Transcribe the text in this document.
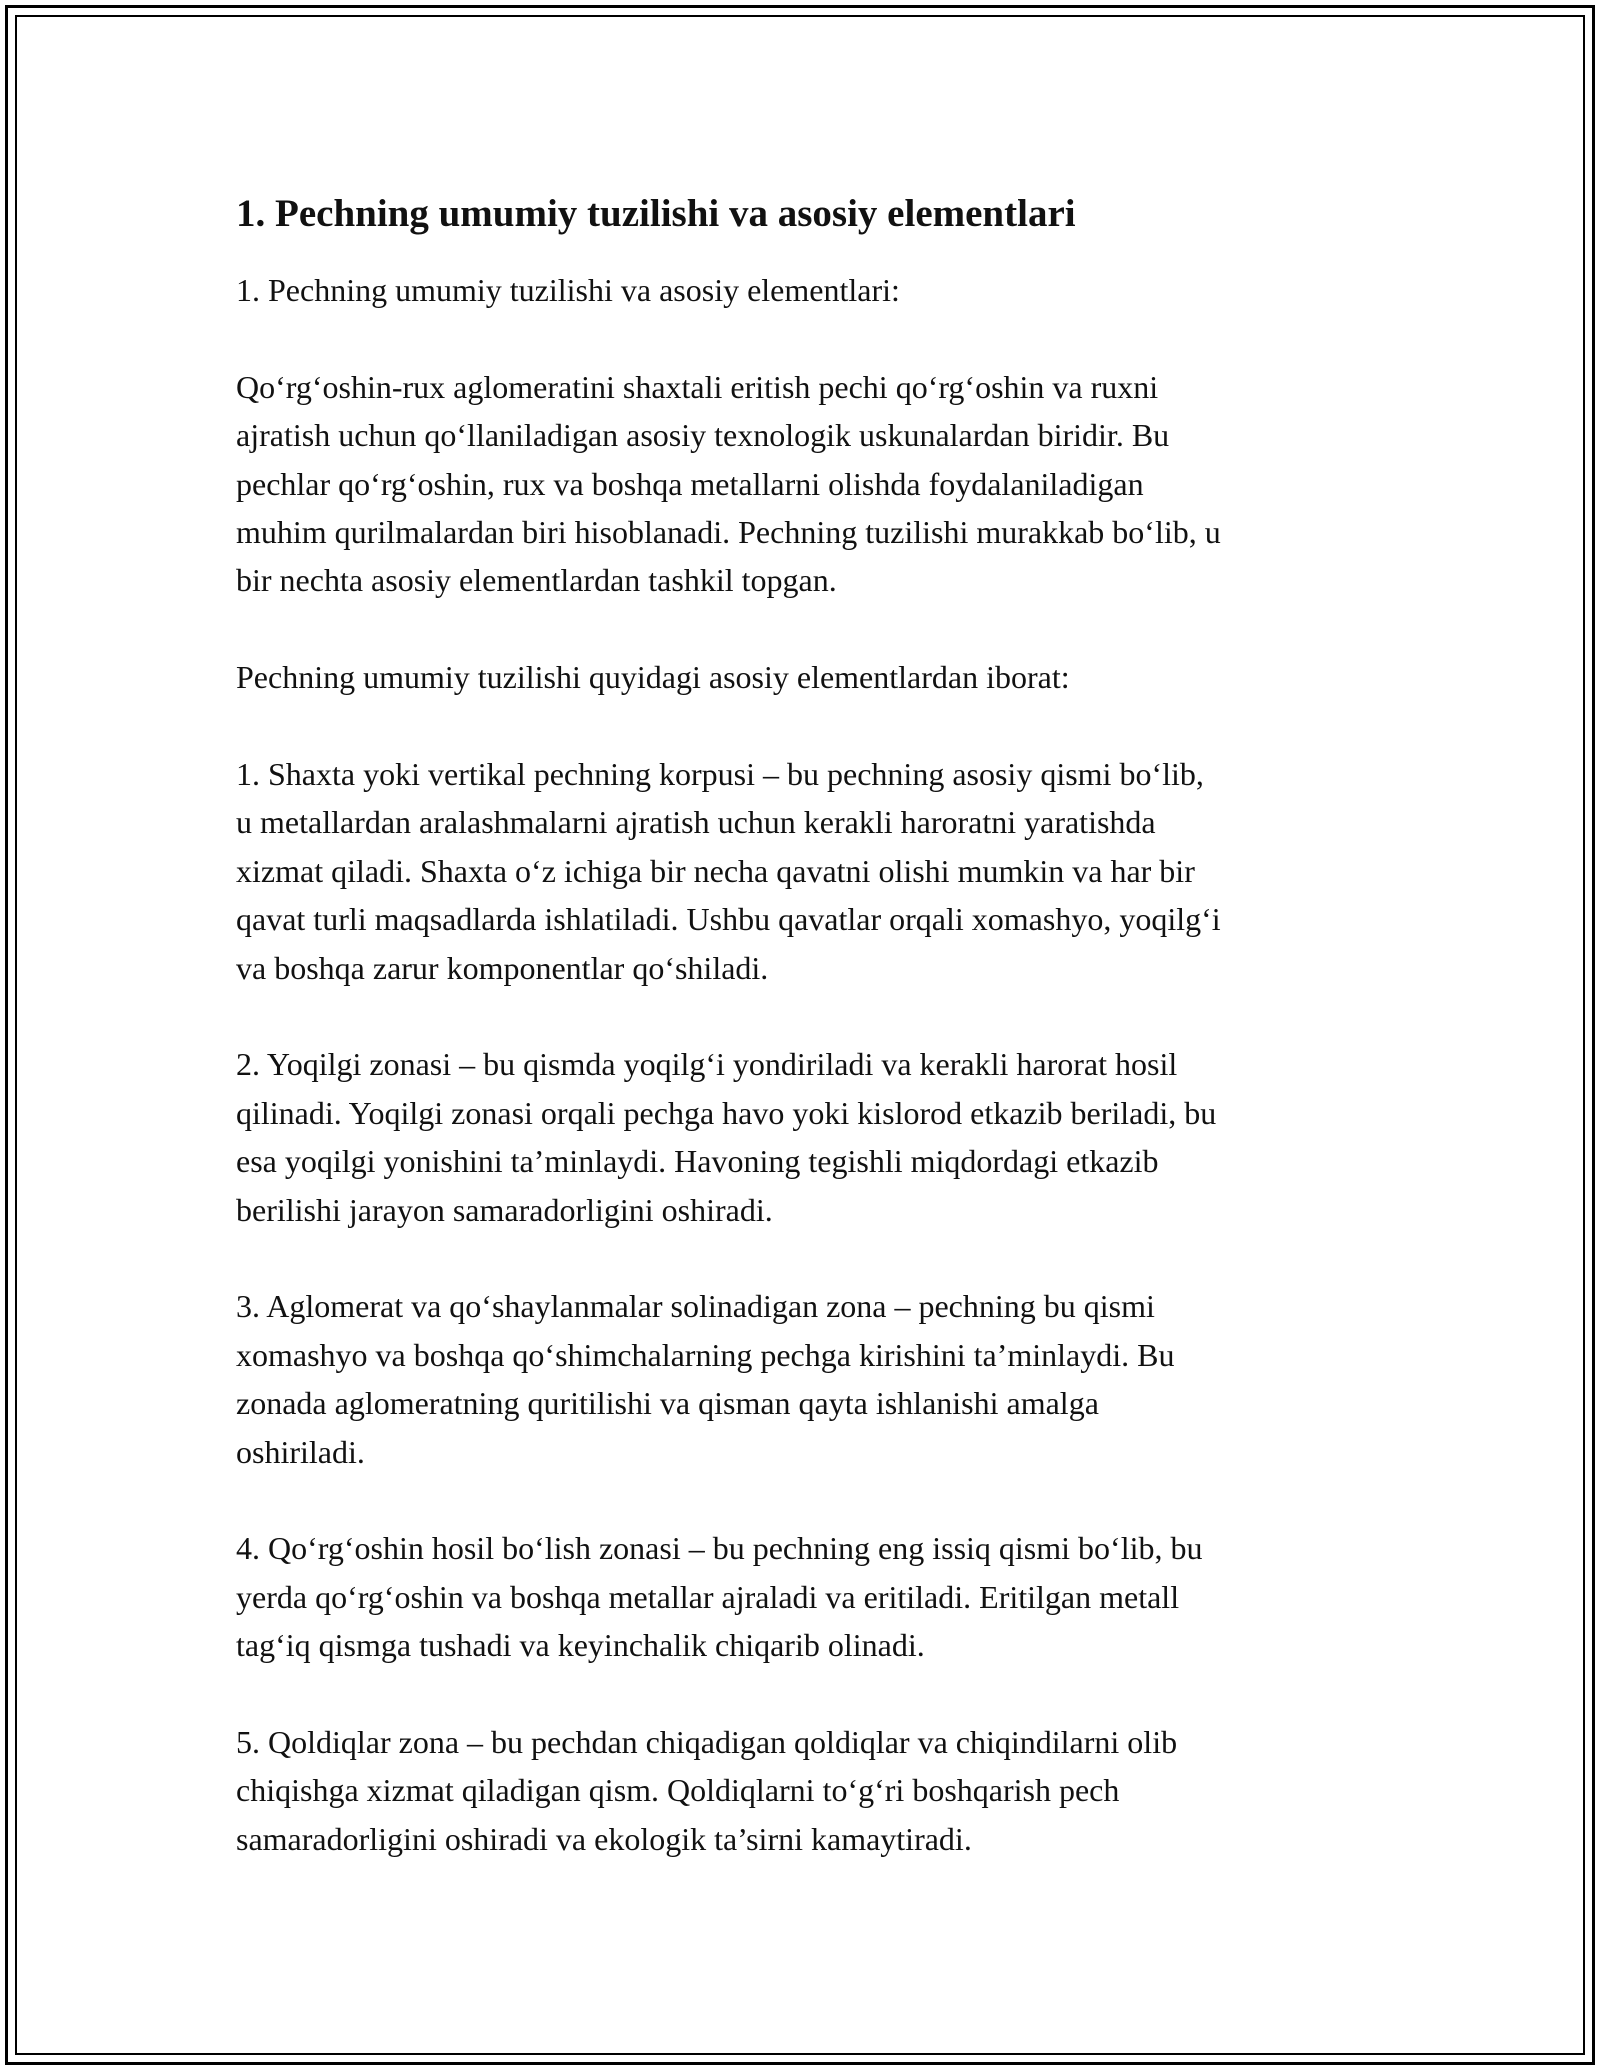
1. Pechning umumiy tuzilishi va asosiy elementlari

1. Pechning umumiy tuzilishi va asosiy elementlari:

Qo‘rg‘oshin-rux aglomeratini shaxtali eritish pechi qo‘rg‘oshin va ruxni
ajratish uchun qo‘llaniladigan asosiy texnologik uskunalardan biridir. Bu
pechlar qo‘rg‘oshin, rux va boshqa metallarni olishda foydalaniladigan
muhim qurilmalardan biri hisoblanadi. Pechning tuzilishi murakkab bo‘lib, u
bir nechta asosiy elementlardan tashkil topgan.

Pechning umumiy tuzilishi quyidagi asosiy elementlardan iborat:

1. Shaxta yoki vertikal pechning korpusi – bu pechning asosiy qismi bo‘lib,
u metallardan aralashmalarni ajratish uchun kerakli haroratni yaratishda
xizmat qiladi. Shaxta o‘z ichiga bir necha qavatni olishi mumkin va har bir
qavat turli maqsadlarda ishlatiladi. Ushbu qavatlar orqali xomashyo, yoqilg‘i
va boshqa zarur komponentlar qo‘shiladi.

2. Yoqilgi zonasi – bu qismda yoqilg‘i yondiriladi va kerakli harorat hosil
qilinadi. Yoqilgi zonasi orqali pechga havo yoki kislorod etkazib beriladi, bu
esa yoqilgi yonishini ta’minlaydi. Havoning tegishli miqdordagi etkazib
berilishi jarayon samaradorligini oshiradi.

3. Aglomerat va qo‘shaylanmalar solinadigan zona – pechning bu qismi
xomashyo va boshqa qo‘shimchalarning pechga kirishini ta’minlaydi. Bu
zonada aglomeratning quritilishi va qisman qayta ishlanishi amalga
oshiriladi.

4. Qo‘rg‘oshin hosil bo‘lish zonasi – bu pechning eng issiq qismi bo‘lib, bu
yerda qo‘rg‘oshin va boshqa metallar ajraladi va eritiladi. Eritilgan metall
tag‘iq qismga tushadi va keyinchalik chiqarib olinadi.

5. Qoldiqlar zona – bu pechdan chiqadigan qoldiqlar va chiqindilarni olib
chiqishga xizmat qiladigan qism. Qoldiqlarni to‘g‘ri boshqarish pech
samaradorligini oshiradi va ekologik ta’sirni kamaytiradi.
